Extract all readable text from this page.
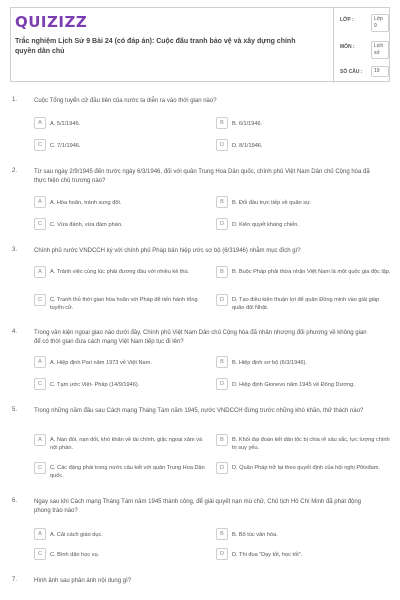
QUIZIZZ
Trắc nghiệm Lịch Sử 9 Bài 24 (có đáp án): Cuộc đấu tranh bảo vệ và xây dựng chính quyền dân chủ
LỚP :	Lớp 9
MÔN :	Lịch sử
SỐ CÂU :	19
1.	Cuộc Tổng tuyển cử đầu tiên của nước ta diễn ra vào thời gian nào?
A	A. 5/1/1946.	B	B. 6/1/1946.
C	C. 7/1/1946.	D	D. 8/1/1946.
2.	Từ sau ngày 2/9/1945 đến trước ngày 6/3/1946, đối với quân Trung Hoa Dân quốc, chính phủ Việt Nam Dân chủ Cộng hòa đã thực hiện chủ trương nào?
A	A. Hòa hoãn, tránh xung đột.	B	B. Đối đầu trực tiếp về quân sự.
C	C. Vừa đánh, vừa đàm phán.	D	D. Kiên quyết kháng chiến.
3.	Chính phủ nước VNDCCH ký với chính phủ Pháp bản hiệp ước sơ bộ (6/31946) nhằm mục đích gì?
A	A. Tránh việc cùng lúc phải đương đầu với nhiều kẻ thù.	B	B. Buộc Pháp phải thừa nhận Việt Nam là một quốc gia độc lập.
C	C. Tranh thủ thời gian hòa hoãn với Pháp để tiến hành tổng tuyển cử.
D	D. Tạo điều kiện thuận lợi để quân Đồng minh vào giải giáp quân đội Nhật.
4.	Trong văn kiện ngoại giao nào dưới đây, Chính phủ Việt Nam Dân chủ Cộng hòa đã nhân nhượng đối phương về không gian để có thời gian đưa cách mạng Việt Nam tiếp tục đi lên?
A	A. Hiệp định Pari năm 1973 về Việt Nam.	B	B. Hiệp định sơ bộ (6/3/1946).
C	C. Tạm ước Việt- Pháp (14/9/1946).	D	D. Hiệp định Gionevo năm 1945 về Đông Dương.
5.	Trong những năm đầu sau Cách mạng Tháng Tám năm 1945, nước VNDCCH đứng trước những khó khăn, thử thách nào?
A	A. Nạn đói, nạn dốt, khó khăn về tài chính, giặc ngoại xâm và nội phản.
B	B. Khối đại đoàn kết dân tộc bị chia rẽ sâu sắc, lực lượng chính trị suy yếu.
C	C. Các đảng phái trong nước câu kết với quân Trung Hoa Dân quốc.
D	D. Quân Pháp trở lại theo quyết định của hội nghị Pôtxđam.
6.	Ngay sau khi Cách mạng Tháng Tám năm 1945 thành công, để giải quyết nạn mù chữ, Chủ tịch Hồ Chí Minh đã phát động phong trào nào?
A	A. Cải cách giáo dục.	B	B. Bổ túc văn hóa.
C	C. Bình dân học vụ.	D	D. Thi đua “Dạy tốt, học tốt”.
7.	Hình ảnh sau phản ánh nội dung gì?
